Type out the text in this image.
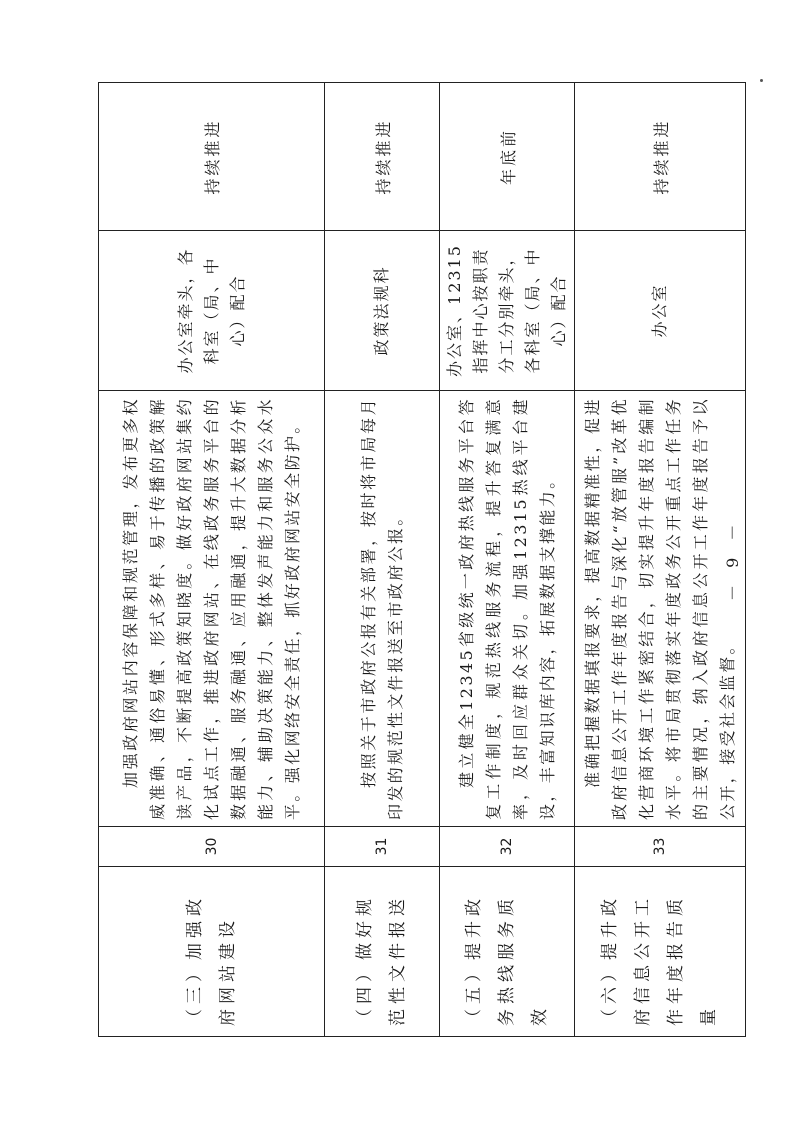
（三）加强政府网站建设	30	加强政府网站内容保障和规范管理，发布更多权威准确、通俗易懂、形式多样、易于传播的政策解读产品，不断提高政策知晓度。做好政府网站集约化试点工作，推进政府网站、在线政务服务平台的数据融通、服务融通、应用融通，提升大数据分析能力、辅助决策能力、整体发声能力和服务公众水平。强化网络安全责任，抓好政府网站安全防护。	办公室牵头，各科室（局、中心）配合	持续推进
（四）做好规范性文件报送	31	按照关于市政府公报有关部署，按时将市局每月印发的规范性文件报送至市政府公报。	政策法规科	持续推进
（五）提升政务热线服务质效	32	建立健全12345省级统一政府热线服务平台答复工作制度，规范热线服务流程，提升答复满意率，及时回应群众关切。加强12315热线平台建设，丰富知识库内容，拓展数据支撑能力。	办公室、12315指挥中心按职责分工分别牵头，各科室（局、中心）配合	年底前
（六）提升政府信息公开工作年度报告质量	33	准确把握数据填报要求，提高数据精准性，促进政府信息公开工作年度报告与深化“放管服”改革优化营商环境工作紧密结合，切实提升年度报告编制水平。将市局贯彻落实年度政务公开重点工作任务的主要情况，纳入政府信息公开工作年度报告予以公开，接受社会监督。	办公室	持续推进
－ 9 －
